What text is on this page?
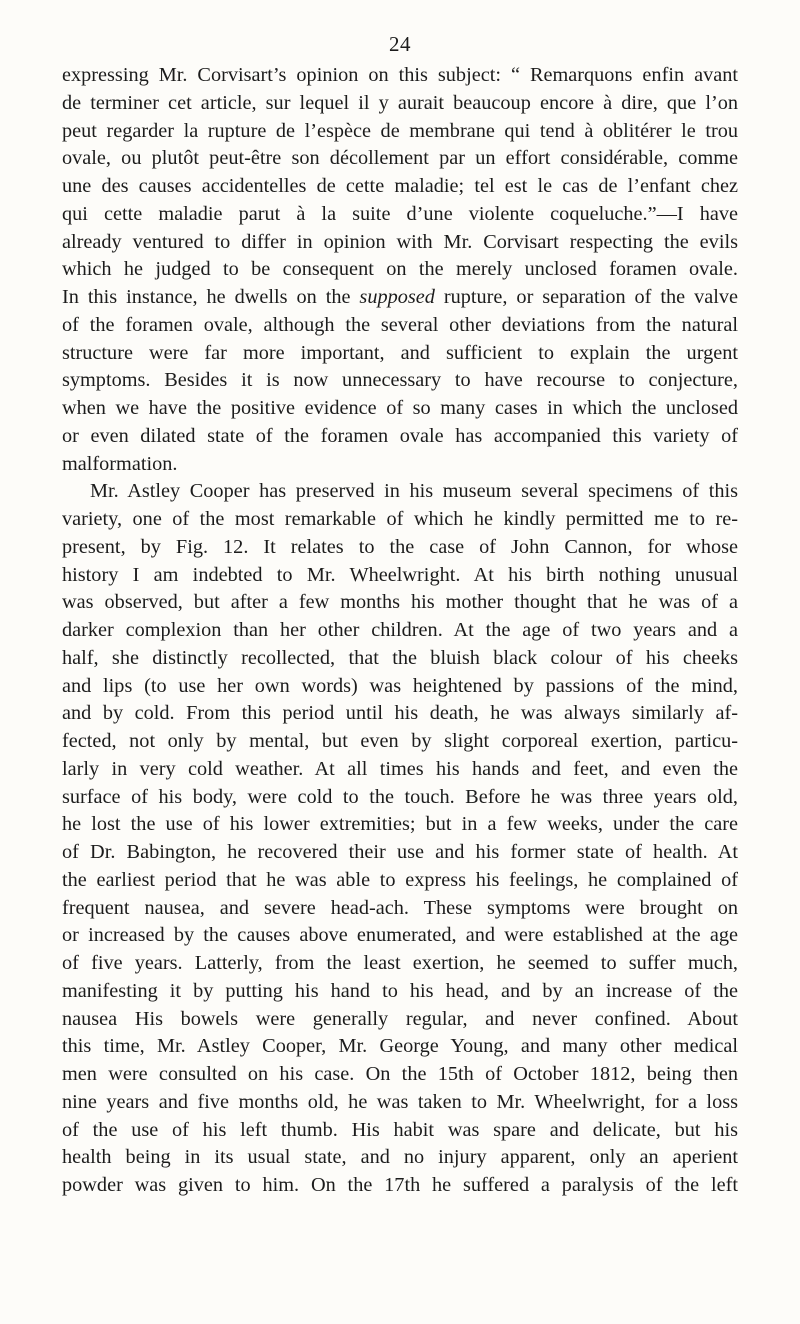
24
expressing Mr. Corvisart’s opinion on this subject: “ Remarquons enfin avant
de terminer cet article, sur lequel il y aurait beaucoup encore à dire, que l’on
peut regarder la rupture de l’espèce de membrane qui tend à oblitérer le trou
ovale, ou plutôt peut-être son décollement par un effort considérable, comme
une des causes accidentelles de cette maladie; tel est le cas de l’enfant chez
qui cette maladie parut à la suite d’une violente coqueluche.”—I have
already ventured to differ in opinion with Mr. Corvisart respecting the evils
which he judged to be consequent on the merely unclosed foramen ovale.
In this instance, he dwells on the supposed rupture, or separation of the valve
of the foramen ovale, although the several other deviations from the natural
structure were far more important, and sufficient to explain the urgent
symptoms. Besides it is now unnecessary to have recourse to conjecture,
when we have the positive evidence of so many cases in which the unclosed
or even dilated state of the foramen ovale has accompanied this variety of
malformation.
Mr. Astley Cooper has preserved in his museum several specimens of this
variety, one of the most remarkable of which he kindly permitted me to re-
present, by Fig. 12. It relates to the case of John Cannon, for whose
history I am indebted to Mr. Wheelwright. At his birth nothing unusual
was observed, but after a few months his mother thought that he was of a
darker complexion than her other children. At the age of two years and a
half, she distinctly recollected, that the bluish black colour of his cheeks
and lips (to use her own words) was heightened by passions of the mind,
and by cold. From this period until his death, he was always similarly af-
fected, not only by mental, but even by slight corporeal exertion, particu-
larly in very cold weather. At all times his hands and feet, and even the
surface of his body, were cold to the touch. Before he was three years old,
he lost the use of his lower extremities; but in a few weeks, under the care
of Dr. Babington, he recovered their use and his former state of health. At
the earliest period that he was able to express his feelings, he complained of
frequent nausea, and severe head-ach. These symptoms were brought on
or increased by the causes above enumerated, and were established at the age
of five years. Latterly, from the least exertion, he seemed to suffer much,
manifesting it by putting his hand to his head, and by an increase of the
nausea His bowels were generally regular, and never confined. About
this time, Mr. Astley Cooper, Mr. George Young, and many other medical
men were consulted on his case. On the 15th of October 1812, being then
nine years and five months old, he was taken to Mr. Wheelwright, for a loss
of the use of his left thumb. His habit was spare and delicate, but his
health being in its usual state, and no injury apparent, only an aperient
powder was given to him. On the 17th he suffered a paralysis of the left
